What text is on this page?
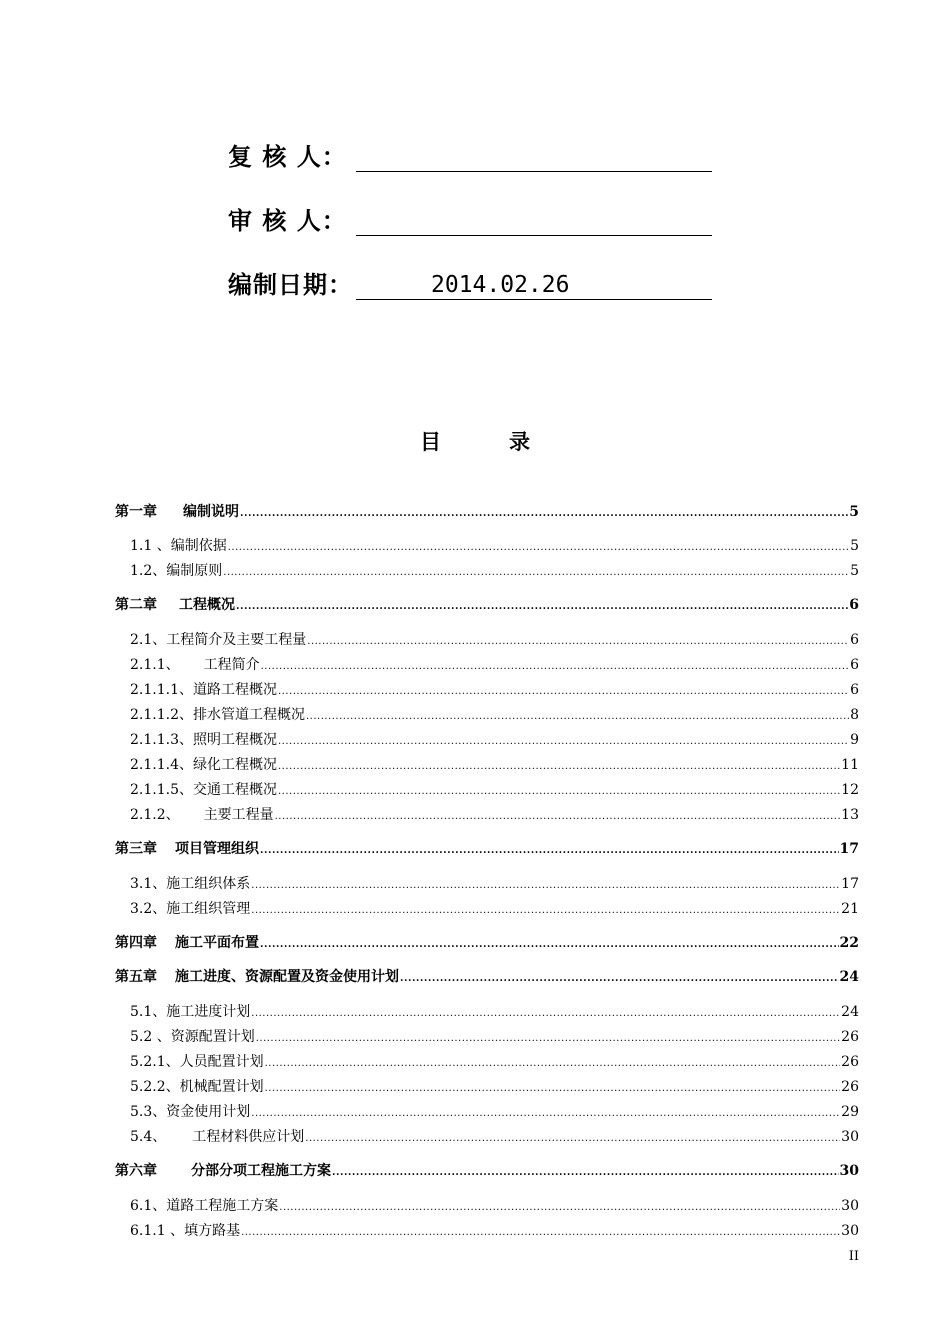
复 核 人：
审 核 人：
编制日期：	2014.02.26
目	录
第一章 编制说明 .....	5
1.1 、编制依据 .....	5
1.2、编制原则 .....	5
第二章 工程概况 .....	6
2.1、工程简介及主要工程量 .....	6
2.1.1、 工程简介 .....	6
2.1.1.1、道路工程概况 .....	6
2.1.1.2、排水管道工程概况 .....	8
2.1.1.3、照明工程概况 .....	9
2.1.1.4、绿化工程概况 .....	11
2.1.1.5、交通工程概况 .....	12
2.1.2、 主要工程量 .....	13
第三章 项目管理组织 .....	17
3.1、施工组织体系 .....	17
3.2、施工组织管理 .....	21
第四章 施工平面布置 .....	22
第五章 施工进度、资源配置及资金使用计划 .....	24
5.1、施工进度计划 .....	24
5.2 、资源配置计划 .....	26
5.2.1、人员配置计划 .....	26
5.2.2、机械配置计划 .....	26
5.3、资金使用计划 .....	29
5.4、 工程材料供应计划 .....	30
第六章 分部分项工程施工方案 .....	30
6.1、道路工程施工方案 .....	30
6.1.1 、填方路基 .....	30
II
